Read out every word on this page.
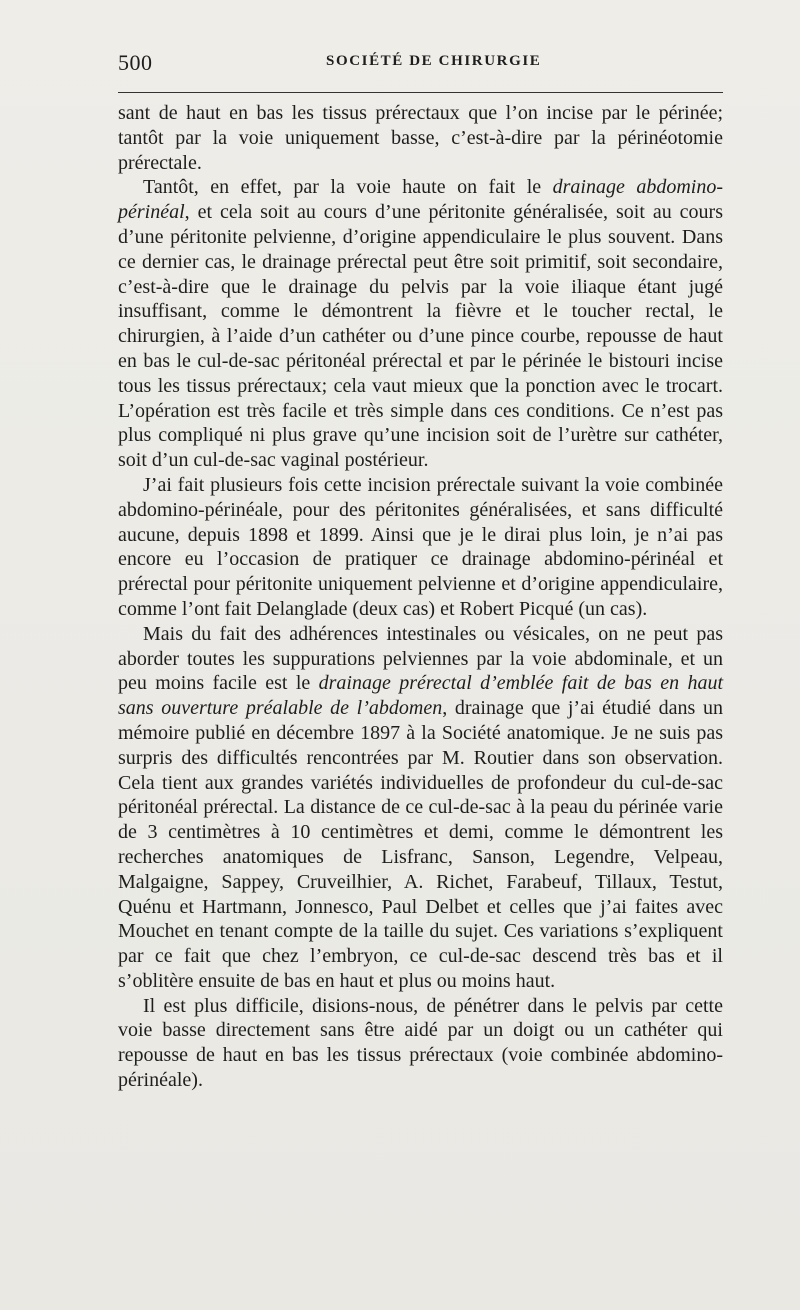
500	SOCIÉTÉ DE CHIRURGIE

sant de haut en bas les tissus prérectaux que l’on incise par le périnée; tantôt par la voie uniquement basse, c’est-à-dire par la périnéotomie prérectale.

Tantôt, en effet, par la voie haute on fait le drainage abdomino-périnéal, et cela soit au cours d’une péritonite généralisée, soit au cours d’une péritonite pelvienne, d’origine appendiculaire le plus souvent. Dans ce dernier cas, le drainage prérectal peut être soit primitif, soit secondaire, c’est-à-dire que le drainage du pelvis par la voie iliaque étant jugé insuffisant, comme le démontrent la fièvre et le toucher rectal, le chirurgien, à l’aide d’un cathéter ou d’une pince courbe, repousse de haut en bas le cul-de-sac péritonéal prérectal et par le périnée le bistouri incise tous les tissus prérectaux; cela vaut mieux que la ponction avec le trocart. L’opération est très facile et très simple dans ces conditions. Ce n’est pas plus compliqué ni plus grave qu’une incision soit de l’urètre sur cathéter, soit d’un cul-de-sac vaginal postérieur.

J’ai fait plusieurs fois cette incision prérectale suivant la voie combinée abdomino-périnéale, pour des péritonites généralisées, et sans difficulté aucune, depuis 1898 et 1899. Ainsi que je le dirai plus loin, je n’ai pas encore eu l’occasion de pratiquer ce drainage abdomino-périnéal et prérectal pour péritonite uniquement pelvienne et d’origine appendiculaire, comme l’ont fait Delanglade (deux cas) et Robert Picqué (un cas).

Mais du fait des adhérences intestinales ou vésicales, on ne peut pas aborder toutes les suppurations pelviennes par la voie abdominale, et un peu moins facile est le drainage prérectal d’emblée fait de bas en haut sans ouverture préalable de l’abdomen, drainage que j’ai étudié dans un mémoire publié en décembre 1897 à la Société anatomique. Je ne suis pas surpris des difficultés rencontrées par M. Routier dans son observation. Cela tient aux grandes variétés individuelles de profondeur du cul-de-sac péritonéal prérectal. La distance de ce cul-de-sac à la peau du périnée varie de 3 centimètres à 10 centimètres et demi, comme le démontrent les recherches anatomiques de Lisfranc, Sanson, Legendre, Velpeau, Malgaigne, Sappey, Cruveilhier, A. Richet, Farabeuf, Tillaux, Testut, Quénu et Hartmann, Jonnesco, Paul Delbet et celles que j’ai faites avec Mouchet en tenant compte de la taille du sujet. Ces variations s’expliquent par ce fait que chez l’embryon, ce cul-de-sac descend très bas et il s’oblitère ensuite de bas en haut et plus ou moins haut.

Il est plus difficile, disions-nous, de pénétrer dans le pelvis par cette voie basse directement sans être aidé par un doigt ou un cathéter qui repousse de haut en bas les tissus prérectaux (voie combinée abdomino-périnéale).
